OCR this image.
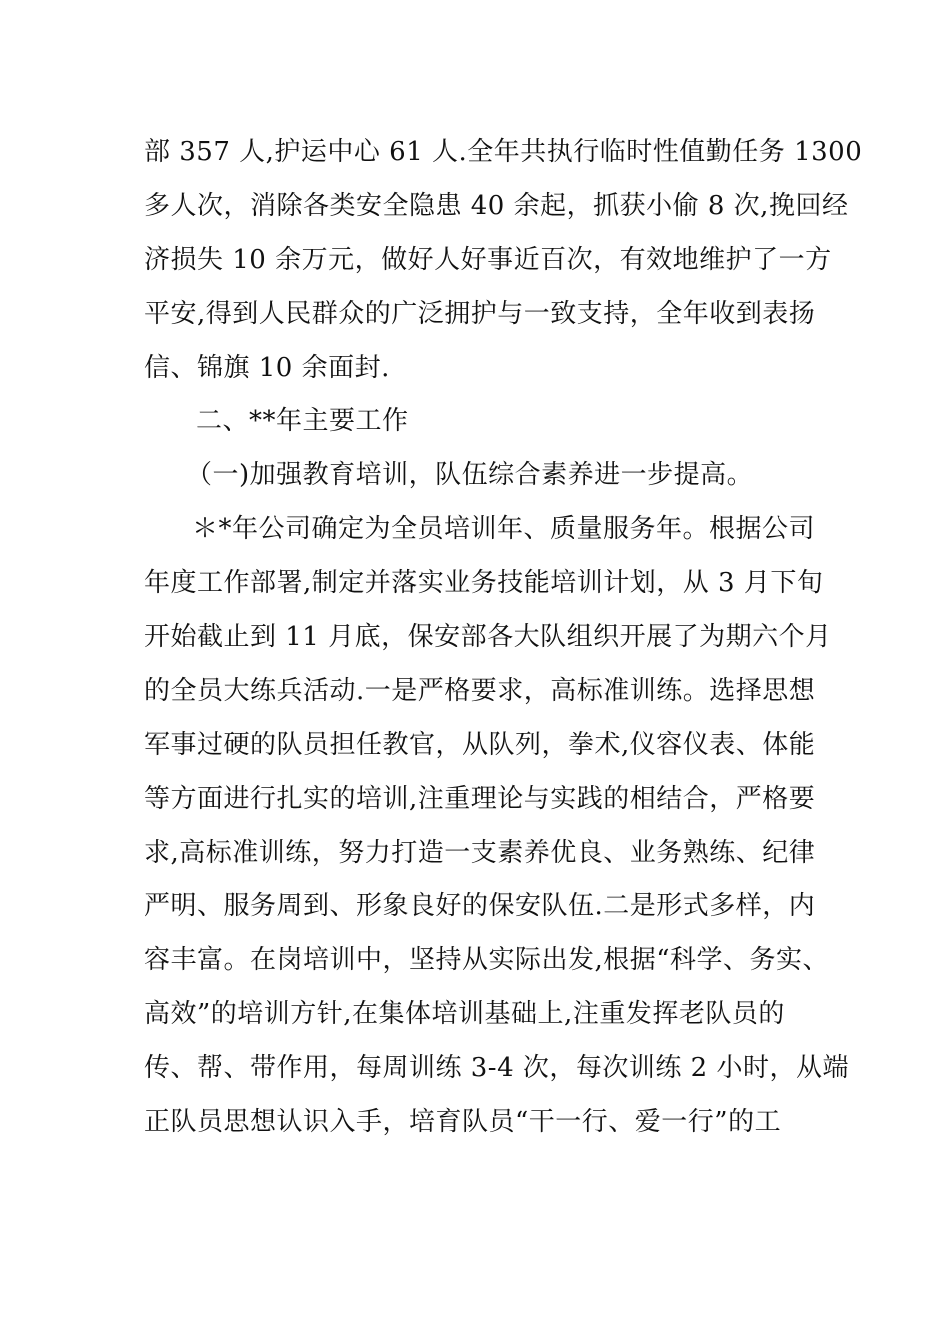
部 357 人,护运中心 61 人.全年共执行临时性值勤任务 1300
多人次，消除各类安全隐患 40 余起，抓获小偷 8 次,挽回经
济损失 10 余万元，做好人好事近百次，有效地维护了一方
平安,得到人民群众的广泛拥护与一致支持，全年收到表扬
信、锦旗 10 余面封.
二、**年主要工作
（一)加强教育培训，队伍综合素养进一步提高。
＊*年公司确定为全员培训年、质量服务年。根据公司
年度工作部署,制定并落实业务技能培训计划，从 3 月下旬
开始截止到 11 月底，保安部各大队组织开展了为期六个月
的全员大练兵活动.一是严格要求，高标准训练。选择思想
军事过硬的队员担任教官，从队列，拳术,仪容仪表、体能
等方面进行扎实的培训,注重理论与实践的相结合，严格要
求,高标准训练，努力打造一支素养优良、业务熟练、纪律
严明、服务周到、形象良好的保安队伍.二是形式多样，内
容丰富。在岗培训中，坚持从实际出发,根据“科学、务实、
高效”的培训方针,在集体培训基础上,注重发挥老队员的
传、帮、带作用，每周训练 3-4 次，每次训练 2 小时，从端
正队员思想认识入手，培育队员“干一行、爱一行”的工
